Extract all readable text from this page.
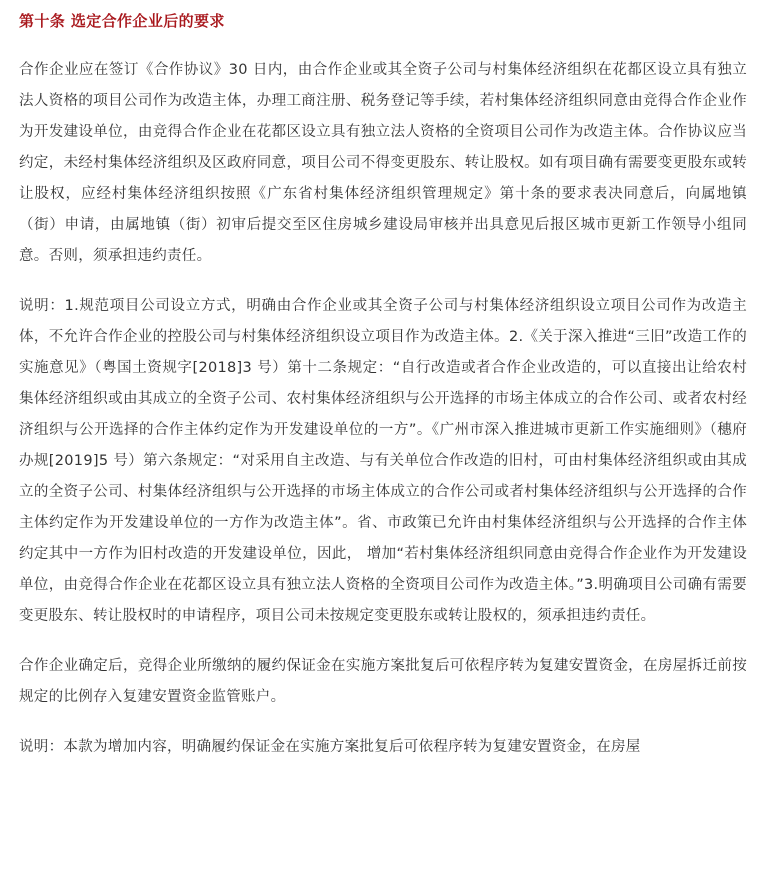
第十条 选定合作企业后的要求

合作企业应在签订《合作协议》30 日内，由合作企业或其全资子公司与村集体经济组织在花都区设立具有独立法人资格的项目公司作为改造主体，办理工商注册、税务登记等手续，若村集体经济组织同意由竞得合作企业作为开发建设单位，由竞得合作企业在花都区设立具有独立法人资格的全资项目公司作为改造主体。合作协议应当约定，未经村集体经济组织及区政府同意，项目公司不得变更股东、转让股权。如有项目确有需要变更股东或转让股权，应经村集体经济组织按照《广东省村集体经济组织管理规定》第十条的要求表决同意后，向属地镇（街）申请，由属地镇（街）初审后提交至区住房城乡建设局审核并出具意见后报区城市更新工作领导小组同意。否则，须承担违约责任。

说明：1.规范项目公司设立方式，明确由合作企业或其全资子公司与村集体经济组织设立项目公司作为改造主体，不允许合作企业的控股公司与村集体经济组织设立项目作为改造主体。2.《关于深入推进“三旧”改造工作的实施意见》（粤国土资规字[2018]3 号）第十二条规定：“自行改造或者合作企业改造的，可以直接出让给农村集体经济组织或由其成立的全资子公司、农村集体经济组织与公开选择的市场主体成立的合作公司、或者农村经济组织与公开选择的合作主体约定作为开发建设单位的一方”。《广州市深入推进城市更新工作实施细则》（穗府办规[2019]5 号）第六条规定：“对采用自主改造、与有关单位合作改造的旧村，可由村集体经济组织或由其成立的全资子公司、村集体经济组织与公开选择的市场主体成立的合作公司或者村集体经济组织与公开选择的合作主体约定作为开发建设单位的一方作为改造主体”。省、市政策已允许由村集体经济组织与公开选择的合作主体约定其中一方作为旧村改造的开发建设单位，因此， 增加“若村集体经济组织同意由竞得合作企业作为开发建设单位，由竞得合作企业在花都区设立具有独立法人资格的全资项目公司作为改造主体。”3.明确项目公司确有需要变更股东、转让股权时的申请程序，项目公司未按规定变更股东或转让股权的，须承担违约责任。

合作企业确定后，竞得企业所缴纳的履约保证金在实施方案批复后可依程序转为复建安置资金，在房屋拆迁前按规定的比例存入复建安置资金监管账户。

说明：本款为增加内容，明确履约保证金在实施方案批复后可依程序转为复建安置资金，在房屋
